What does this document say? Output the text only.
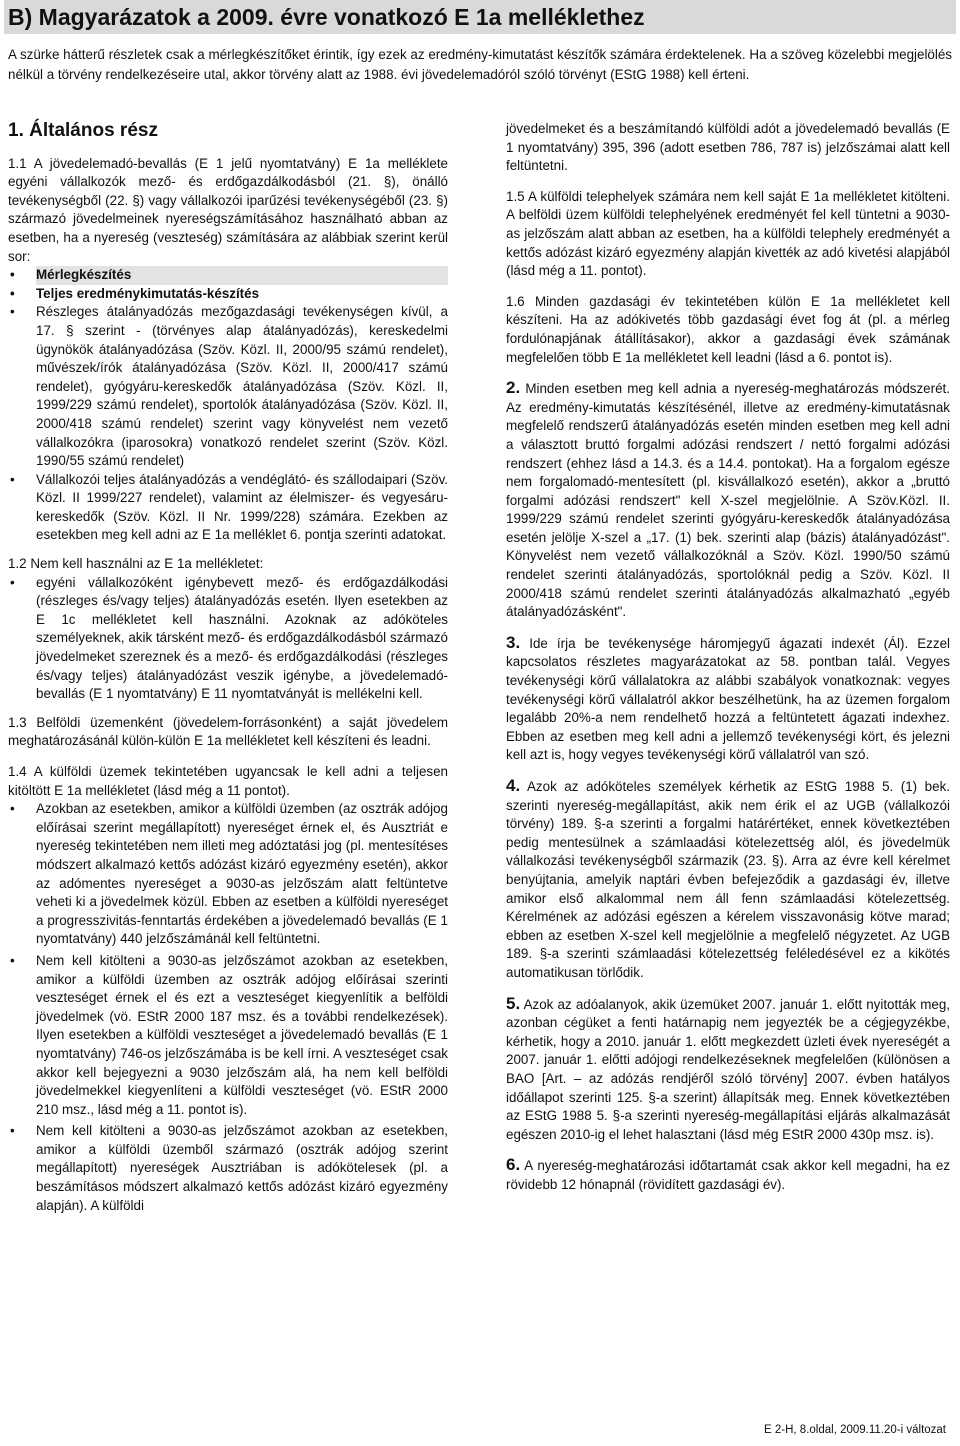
B) Magyarázatok a 2009. évre vonatkozó E 1a melléklethez

A szürke hátterű részletek csak a mérlegkészítőket érintik, így ezek az eredmény-kimutatást készítők számára érdektelenek. Ha a szöveg közelebbi megjelölés nélkül a törvény rendelkezéseire utal, akkor törvény alatt az 1988. évi jövedelemadóról szóló törvényt (EStG 1988) kell érteni.

1. Általános rész

1.1 A jövedelemadó-bevallás (E 1 jelű nyomtatvány) E 1a melléklete egyéni vállalkozók mező- és erdőgazdálkodásból (21. §), önálló tevékenységből (22. §) vagy vállalkozói iparűzési tevékenységéből (23. §) származó jövedelmeinek nyereségszámításához használható abban az esetben, ha a nyereség (veszteség) számítására az alábbiak szerint kerül sor:

• Mérlegkészítés
• Teljes eredménykimutatás-készítés
• Részleges átalányadózás mezőgazdasági tevékenységen kívül, a 17. § szerint - (törvényes alap átalányadózás), kereskedelmi ügynökök átalányadózása (Szöv. Közl. II, 2000/95 számú rendelet), művészek/írók átalányadózása (Szöv. Közl. II, 2000/417 számú rendelet), gyógyáru-kereskedők átalányadózása (Szöv. Közl. II, 1999/229 számú rendelet), sportolók átalányadózása (Szöv. Közl. II, 2000/418 számú rendelet) szerint vagy könyvelést nem vezető vállalkozókra (iparosokra) vonatkozó rendelet szerint (Szöv. Közl. 1990/55 számú rendelet)
• Vállalkozói teljes átalányadózás a vendéglátó- és szállodaipari (Szöv. Közl. II 1999/227 rendelet), valamint az élelmiszer- és vegyesáru-kereskedők (Szöv. Közl. II Nr. 1999/228) számára. Ezekben az esetekben meg kell adni az E 1a melléklet 6. pontja szerinti adatokat.

1.2 Nem kell használni az E 1a mellékletet:

• egyéni vállalkozóként igénybevett mező- és erdőgazdálkodási (részleges és/vagy teljes) átalányadózás esetén. Ilyen esetekben az E 1c mellékletet kell használni. Azoknak az adóköteles személyeknek, akik társként mező- és erdőgazdálkodásból származó jövedelmeket szereznek és a mező- és erdőgazdálkodási (részleges és/vagy teljes) átalányadózást veszik igénybe, a jövedelemadó-bevallás (E 1 nyomtatvány) E 11 nyomtatványát is mellékelni kell.

1.3 Belföldi üzemenként (jövedelem-forrásonként) a saját jövedelem meghatározásánál külön-külön E 1a mellékletet kell készíteni és leadni.

1.4 A külföldi üzemek tekintetében ugyancsak le kell adni a teljesen kitöltött E 1a mellékletet (lásd még a 11 pontot).

• Azokban az esetekben, amikor a külföldi üzemben (az osztrák adójog előírásai szerint megállapított) nyereséget érnek el, és Ausztriát e nyereség tekintetében nem illeti meg adóztatási jog (pl. mentesítéses módszert alkalmazó kettős adózást kizáró egyezmény esetén), akkor az adómentes nyereséget a 9030-as jelzőszám alatt feltüntetve veheti ki a jövedelmek közül. Ebben az esetben a külföldi nyereséget a progresszivitás-fenntartás érdekében a jövedelemadó bevallás (E 1 nyomtatvány) 440 jelzőszámánál kell feltüntetni.
• Nem kell kitölteni a 9030-as jelzőszámot azokban az esetekben, amikor a külföldi üzemben az osztrák adójog előírásai szerinti veszteséget érnek el és ezt a veszteséget kiegyenlítik a belföldi jövedelmek (vö. EStR 2000 187 msz. és a további rendelkezések). Ilyen esetekben a külföldi veszteséget a jövedelemadó bevallás (E 1 nyomtatvány) 746-os jelzőszámába is be kell írni. A veszteséget csak akkor kell bejegyezni a 9030 jelzőszám alá, ha nem kell belföldi jövedelmekkel kiegyenlíteni a külföldi veszteséget (vö. EStR 2000 210 msz., lásd még a 11. pontot is).
• Nem kell kitölteni a 9030-as jelzőszámot azokban az esetekben, amikor a külföldi üzemből származó (osztrák adójog szerint megállapított) nyereségek Ausztriában is adókötelesek (pl. a beszámításos módszert alkalmazó kettős adózást kizáró egyezmény alapján). A külföldi

jövedelmeket és a beszámítandó külföldi adót a jövedelemadó bevallás (E 1 nyomtatvány) 395, 396 (adott esetben 786, 787 is) jelzőszámai alatt kell feltüntetni.

1.5 A külföldi telephelyek számára nem kell saját E 1a mellékletet kitölteni. A belföldi üzem külföldi telephelyének eredményét fel kell tüntetni a 9030-as jelzőszám alatt abban az esetben, ha a külföldi telephely eredményét a kettős adózást kizáró egyezmény alapján kivették az adó kivetési alapjából (lásd még a 11. pontot).

1.6 Minden gazdasági év tekintetében külön E 1a mellékletet kell készíteni. Ha az adókivetés több gazdasági évet fog át (pl. a mérleg fordulónapjának átállításakor), akkor a gazdasági évek számának megfelelően több E 1a mellékletet kell leadni (lásd a 6. pontot is).

2. Minden esetben meg kell adnia a nyereség-meghatározás módszerét. Az eredmény-kimutatás készítésénél, illetve az eredmény-kimutatásnak megfelelő rendszerű átalányadózás esetén minden esetben meg kell adni a választott bruttó forgalmi adózási rendszert / nettó forgalmi adózási rendszert (ehhez lásd a 14.3. és a 14.4. pontokat). Ha a forgalom egésze nem forgalomadó-mentesített (pl. kisvállalkozó esetén), akkor a „bruttó forgalmi adózási rendszert" kell X-szel megjelölnie. A Szöv.Közl. II. 1999/229 számú rendelet szerinti gyógyáru-kereskedők átalányadózása esetén jelölje X-szel a „17. (1) bek. szerinti alap (bázis) átalányadózást". Könyvelést nem vezető vállalkozóknál a Szöv. Közl. 1990/50 számú rendelet szerinti átalányadózás, sportolóknál pedig a Szöv. Közl. II 2000/418 számú rendelet szerinti átalányadózás alkalmazható „egyéb átalányadózásként".

3. Ide írja be tevékenysége háromjegyű ágazati indexét (Ál). Ezzel kapcsolatos részletes magyarázatokat az 58. pontban talál. Vegyes tevékenységi körű vállalatokra az alábbi szabályok vonatkoznak: vegyes tevékenységi körű vállalatról akkor beszélhetünk, ha az üzemen forgalom legalább 20%-a nem rendelhető hozzá a feltüntetett ágazati indexhez. Ebben az esetben meg kell adni a jellemző tevékenységi kört, és jelezni kell azt is, hogy vegyes tevékenységi körű vállalatról van szó.

4. Azok az adóköteles személyek kérhetik az EStG 1988 5. (1) bek. szerinti nyereség-megállapítást, akik nem érik el az UGB (vállalkozói törvény) 189. §-a szerinti a forgalmi határértéket, ennek következtében pedig mentesülnek a számlaadási kötelezettség alól, és jövedelmük vállalkozási tevékenységből származik (23. §). Arra az évre kell kérelmet benyújtania, amelyik naptári évben befejeződik a gazdasági év, illetve amikor első alkalommal nem áll fenn számlaadási kötelezettség. Kérelmének az adózási egészen a kérelem visszavonásig kötve marad; ebben az esetben X-szel kell megjelölnie a megfelelő négyzetet. Az UGB 189. §-a szerinti számlaadási kötelezettség feléledésével ez a kikötés automatikusan törlődik.

5. Azok az adóalanyok, akik üzemüket 2007. január 1. előtt nyitották meg, azonban cégüket a fenti határnapig nem jegyezték be a cégjegyzékbe, kérhetik, hogy a 2010. január 1. előtt megkezdett üzleti évek nyereségét a 2007. január 1. előtti adójogi rendelkezéseknek megfelelően (különösen a BAO [Art. – az adózás rendjéről szóló törvény] 2007. évben hatályos időállapot szerinti 125. §-a szerint) állapítsák meg. Ennek következtében az EStG 1988 5. §-a szerinti nyereség-megállapítási eljárás alkalmazását egészen 2010-ig el lehet halasztani (lásd még EStR 2000 430p msz. is).

6. A nyereség-meghatározási időtartamát csak akkor kell megadni, ha ez rövidebb 12 hónapnál (rövidített gazdasági év).

E 2-H, 8.oldal, 2009.11.20-i változat
